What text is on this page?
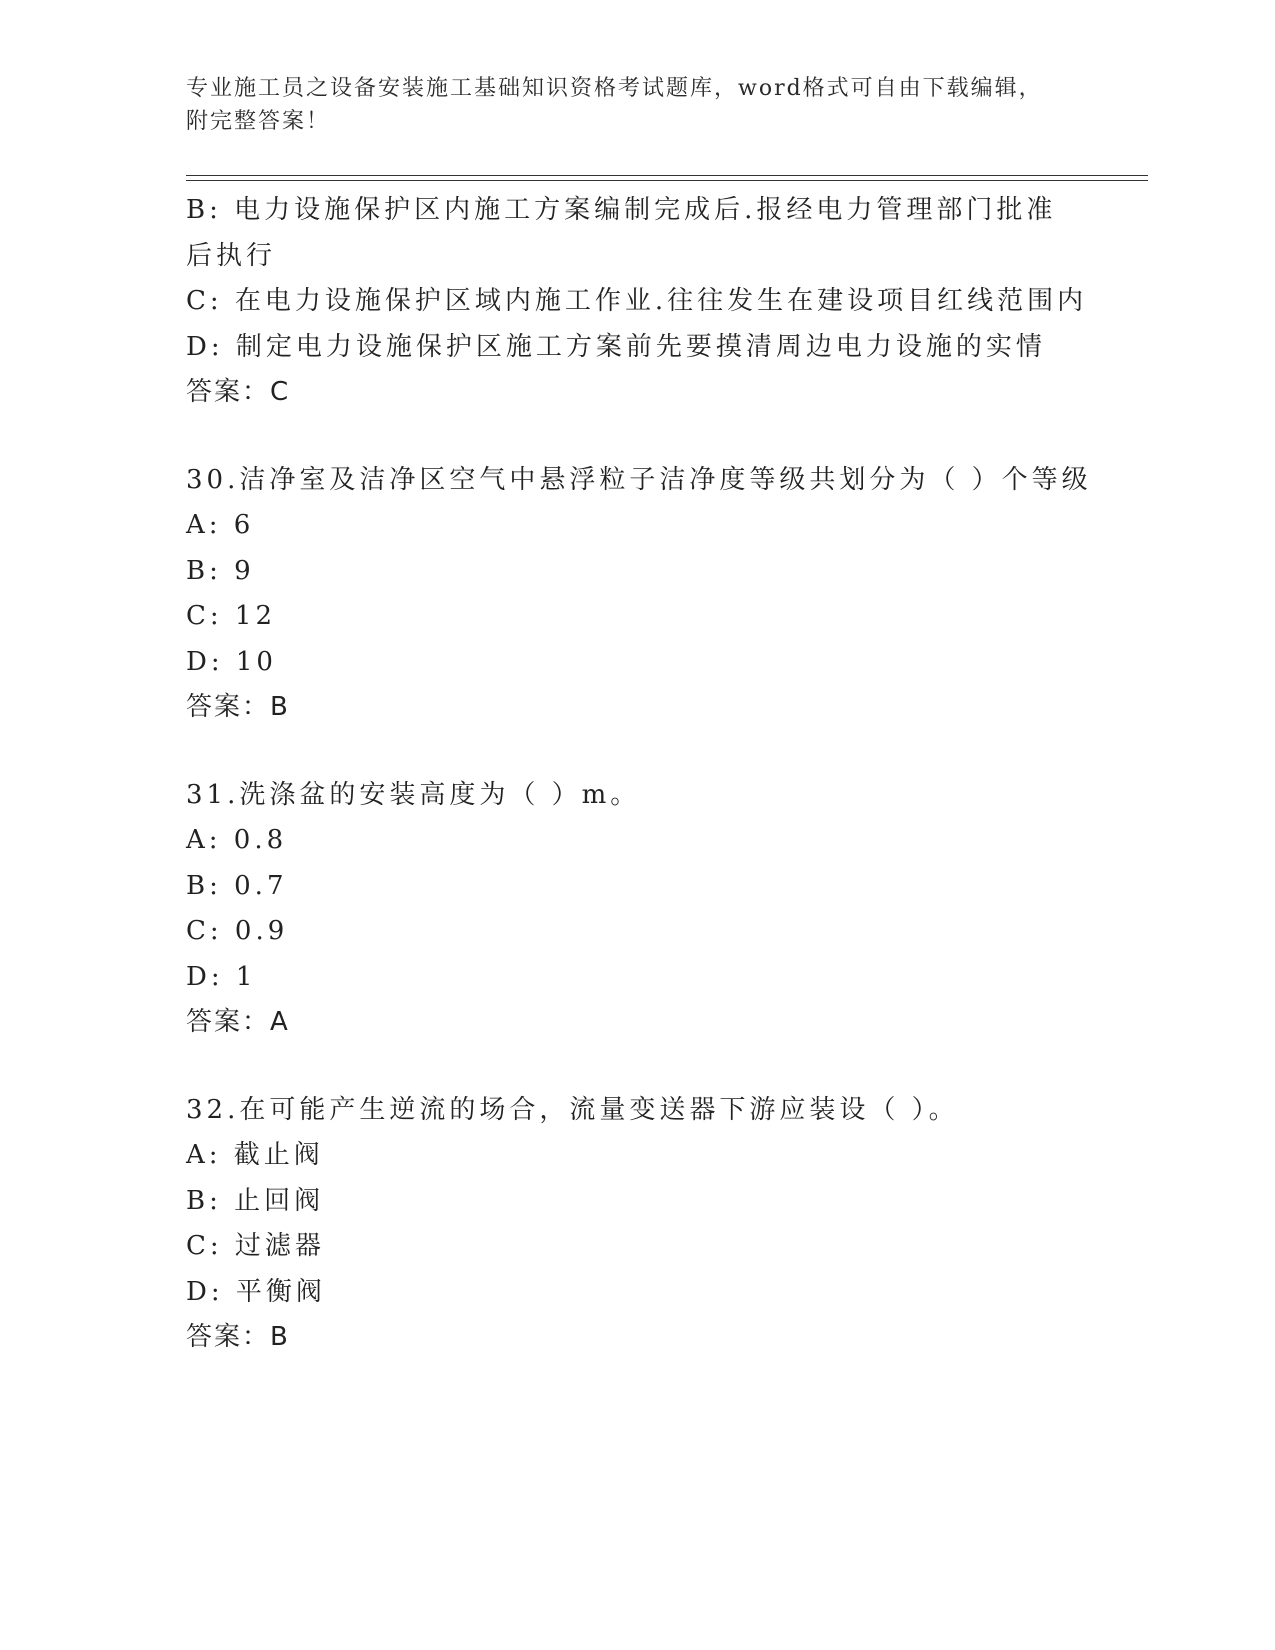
专业施工员之设备安装施工基础知识资格考试题库，word格式可自由下载编辑，附完整答案！
B: 电力设施保护区内施工方案编制完成后.报经电力管理部门批准后执行
C: 在电力设施保护区域内施工作业.往往发生在建设项目红线范围内
D: 制定电力设施保护区施工方案前先要摸清周边电力设施的实情
答案：C
30.洁净室及洁净区空气中悬浮粒子洁净度等级共划分为（ ）个等级
A: 6
B: 9
C: 12
D: 10
答案：B
31.洗涤盆的安装高度为（ ）m。
A: 0.8
B: 0.7
C: 0.9
D: 1
答案：A
32.在可能产生逆流的场合，流量变送器下游应装设（ ）。
A: 截止阀
B: 止回阀
C: 过滤器
D: 平衡阀
答案：B
